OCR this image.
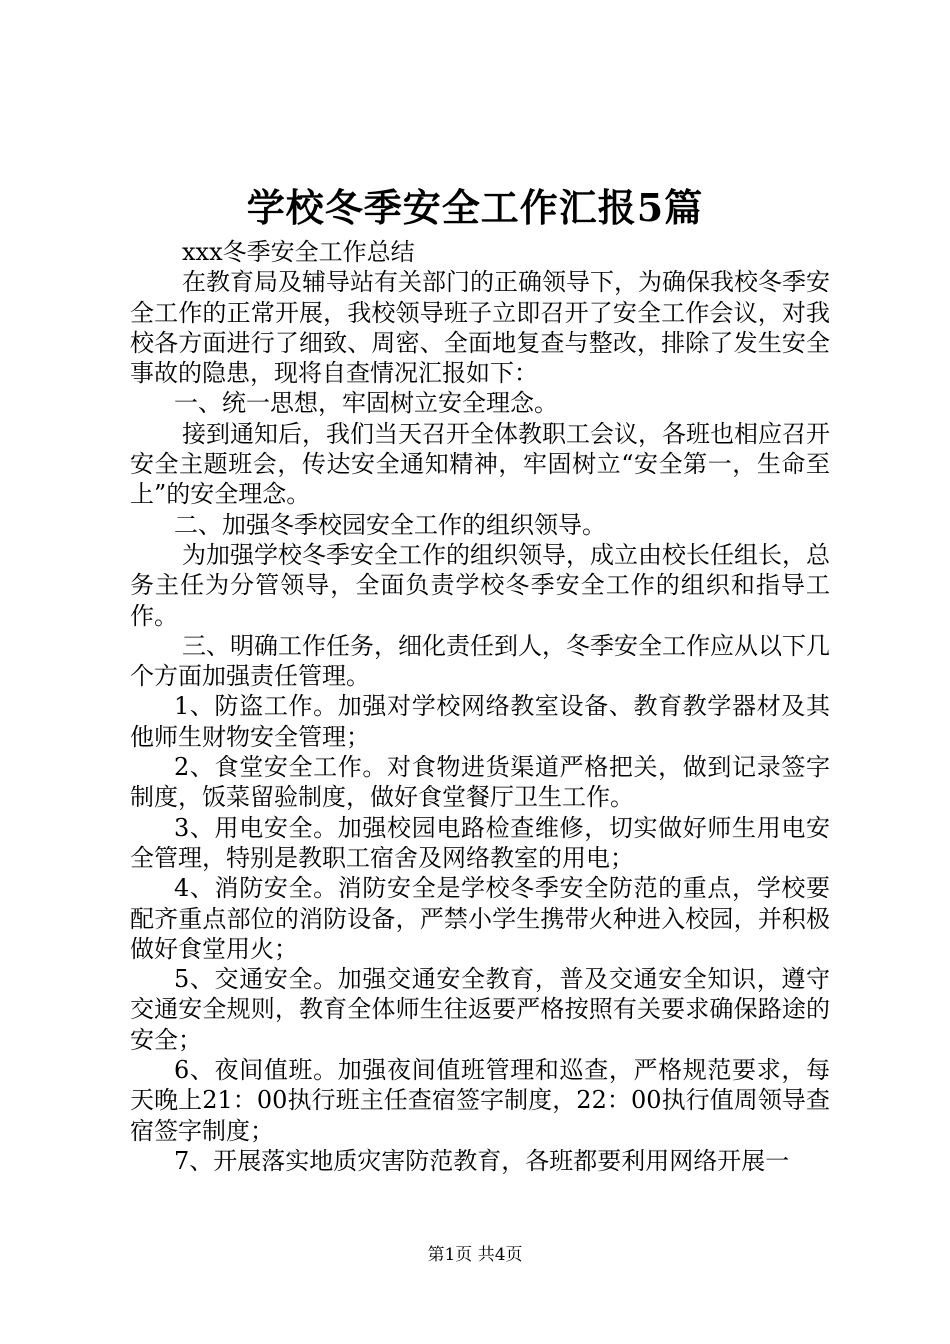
学校冬季安全工作汇报5篇

xxx冬季安全工作总结

在教育局及辅导站有关部门的正确领导下，为确保我校冬季安全工作的正常开展，我校领导班子立即召开了安全工作会议，对我校各方面进行了细致、周密、全面地复查与整改，排除了发生安全事故的隐患，现将自查情况汇报如下：

一、统一思想，牢固树立安全理念。

接到通知后，我们当天召开全体教职工会议，各班也相应召开安全主题班会，传达安全通知精神，牢固树立“安全第一，生命至上”的安全理念。

二、加强冬季校园安全工作的组织领导。

为加强学校冬季安全工作的组织领导，成立由校长任组长，总务主任为分管领导，全面负责学校冬季安全工作的组织和指导工作。

三、明确工作任务，细化责任到人，冬季安全工作应从以下几个方面加强责任管理。

1、防盗工作。加强对学校网络教室设备、教育教学器材及其他师生财物安全管理；

2、食堂安全工作。对食物进货渠道严格把关，做到记录签字制度，饭菜留验制度，做好食堂餐厅卫生工作。

3、用电安全。加强校园电路检查维修，切实做好师生用电安全管理，特别是教职工宿舍及网络教室的用电；

4、消防安全。消防安全是学校冬季安全防范的重点，学校要配齐重点部位的消防设备，严禁小学生携带火种进入校园，并积极做好食堂用火；

5、交通安全。加强交通安全教育，普及交通安全知识，遵守交通安全规则，教育全体师生往返要严格按照有关要求确保路途的安全；

6、夜间值班。加强夜间值班管理和巡查，严格规范要求，每天晚上21：00执行班主任查宿签字制度，22：00执行值周领导查宿签字制度；

7、开展落实地质灾害防范教育，各班都要利用网络开展一

第1页 共4页
